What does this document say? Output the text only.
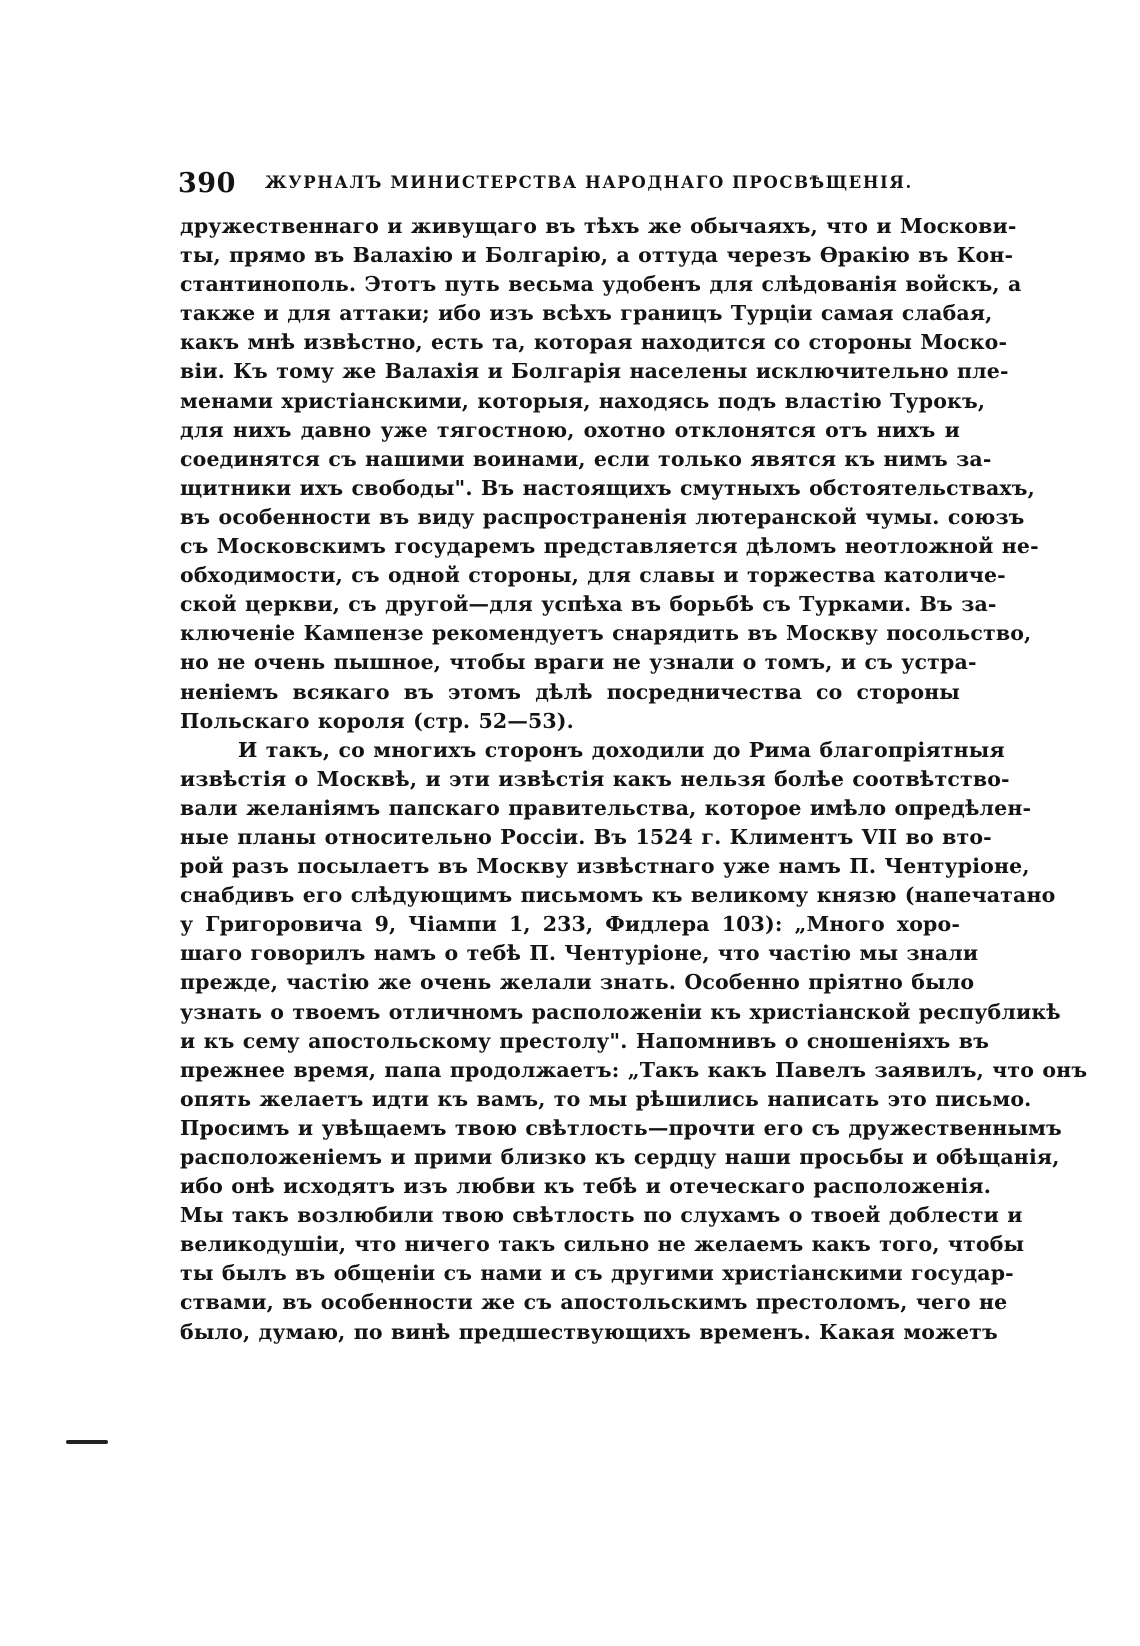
390 ЖУРНАЛЪ МИНИСТЕРСТВА НАРОДНАГО ПРОСВѢЩЕНІЯ.
дружественнаго и живущаго въ тѣхъ же обычаяхъ, что и Москови-
ты, прямо въ Валахію и Болгарію, а оттуда черезъ Ѳракію въ Кон-
стантинополь. Этотъ путь весьма удобенъ для слѣдованія войскъ, а
также и для аттаки; ибо изъ всѣхъ границъ Турціи самая слабая,
какъ мнѣ извѣстно, есть та, которая находится со стороны Моско-
віи. Къ тому же Валахія и Болгарія населены исключительно пле-
менами христіанскими, которыя, находясь подъ властію Турокъ,
для нихъ давно уже тягостною, охотно отклонятся отъ нихъ и
соединятся съ нашими воинами, если только явятся къ нимъ за-
щитники ихъ свободы". Въ настоящихъ смутныхъ обстоятельствахъ,
въ особенности въ виду распространенія лютеранской чумы. союзъ
съ Московскимъ государемъ представляется дѣломъ неотложной не-
обходимости, съ одной стороны, для славы и торжества католиче-
ской церкви, съ другой—для успѣха въ борьбѣ съ Турками. Въ за-
ключеніе Кампензе рекомендуетъ снарядить въ Москву посольство,
но не очень пышное, чтобы враги не узнали о томъ, и съ устра-
неніемъ всякаго въ этомъ дѣлѣ посредничества со стороны
Польскаго короля (стр. 52—53).
И такъ, со многихъ сторонъ доходили до Рима благопріятныя
извѣстія о Москвѣ, и эти извѣстія какъ нельзя болѣе соотвѣтство-
вали желаніямъ папскаго правительства, которое имѣло опредѣлен-
ные планы относительно Россіи. Въ 1524 г. Климентъ VII во вто-
рой разъ посылаетъ въ Москву извѣстнаго уже намъ П. Чентуріоне,
снабдивъ его слѣдующимъ письмомъ къ великому князю (напечатано
у Григоровича 9, Чіампи 1, 233, Фидлера 103): „Много хоро-
шаго говорилъ намъ о тебѣ П. Чентуріоне, что частію мы знали
прежде, частію же очень желали знать. Особенно пріятно было
узнать о твоемъ отличномъ расположеніи къ христіанской республикѣ
и къ сему апостольскому престолу". Напомнивъ о сношеніяхъ въ
прежнее время, папа продолжаетъ: „Такъ какъ Павелъ заявилъ, что онъ
опять желаетъ идти къ вамъ, то мы рѣшились написать это письмо.
Просимъ и увѣщаемъ твою свѣтлость—прочти его съ дружественнымъ
расположеніемъ и прими близко къ сердцу наши просьбы и обѣщанія,
ибо онѣ исходятъ изъ любви къ тебѣ и отеческаго расположенія.
Мы такъ возлюбили твою свѣтлость по слухамъ о твоей доблести и
великодушіи, что ничего такъ сильно не желаемъ какъ того, чтобы
ты былъ въ общеніи съ нами и съ другими христіанскими государ-
ствами, въ особенности же съ апостольскимъ престоломъ, чего не
было, думаю, по винѣ предшествующихъ временъ. Какая можетъ
